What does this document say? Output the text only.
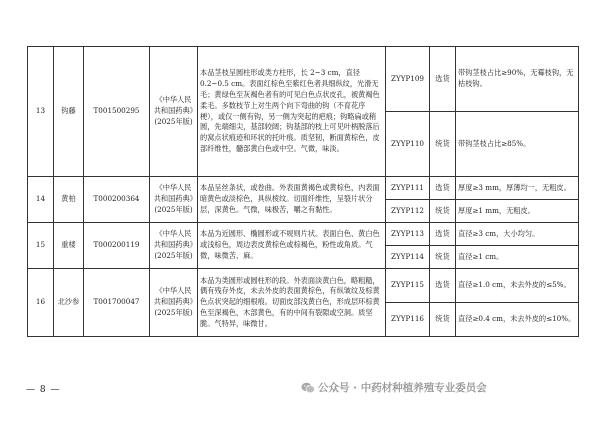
13	钩藤	T001500295	《中华人民共和国药典》(2025年版)	本品茎枝呈圆柱形或类方柱形，长 2~3 cm，直径 0.2~0.5 cm。表面红棕色至紫红色者具细纵纹，光滑无毛；黄绿色至灰褐色者有的可见白色点状皮孔，被黄褐色柔毛。多数枝节上对生两个向下弯曲的钩（不育花序梗），或仅一侧有钩，另一侧为突起的疤痕；钩略扁或稍圆，先端细尖，基部较阔；钩基部的枝上可见叶柄脱落后的窝点状痕迹和环状的托叶痕。质坚韧，断面黄棕色，皮部纤维性，髓部黄白色或中空。气微，味淡。	ZYYP109	选货	带钩茎枝占比≥90%，无霉枝钩，无枯枝钩。
					ZYYP110	统货	带钩茎枝占比≥85%。
14	黄柏	T000200364	《中华人民共和国药典》(2025年版)	本品呈丝条状，或卷曲。外表面黄褐色或黄棕色，内表面暗黄色或淡棕色，具纵棱纹。切面纤维性，呈裂片状分层，深黄色。气微，味极苦，嚼之有黏性。	ZYYP111	选货	厚度≥3 mm，厚薄均一，无粗皮。
					ZYYP112	统货	厚度≥1 mm，无粗皮。
15	重楼	T000200119	《中华人民共和国药典》(2025年版)	本品为近圆形、椭圆形或不规则片状。表面白色、黄白色或浅棕色，周边表皮黄棕色或棕褐色，粉性或角质。气微，味微苦、麻。	ZYYP113	选货	直径≥3 cm，大小均匀。
					ZYYP114	统货	直径≥1 cm。
16	北沙参	T001700047	《中华人民共和国药典》(2025年版)	本品为类圆形或圆柱形的段。外表面淡黄白色，略粗糙，偶有残存外皮，未去外皮的表面黄棕色，有纵皱纹及棕黄色点状突起的细根痕。切面皮部浅黄白色，形成层环棕黄色至深褐色，木部黄色，有的中间有裂隙或空洞。质坚脆。气特异，味微甘。	ZYYP115	选货	直径≥1.0 cm，未去外皮的≤5%。
					ZYYP116	统货	直径≥0.4 cm，未去外皮的≤10%。
— 8 —	公众号 · 中药材种植养殖专业委员会
